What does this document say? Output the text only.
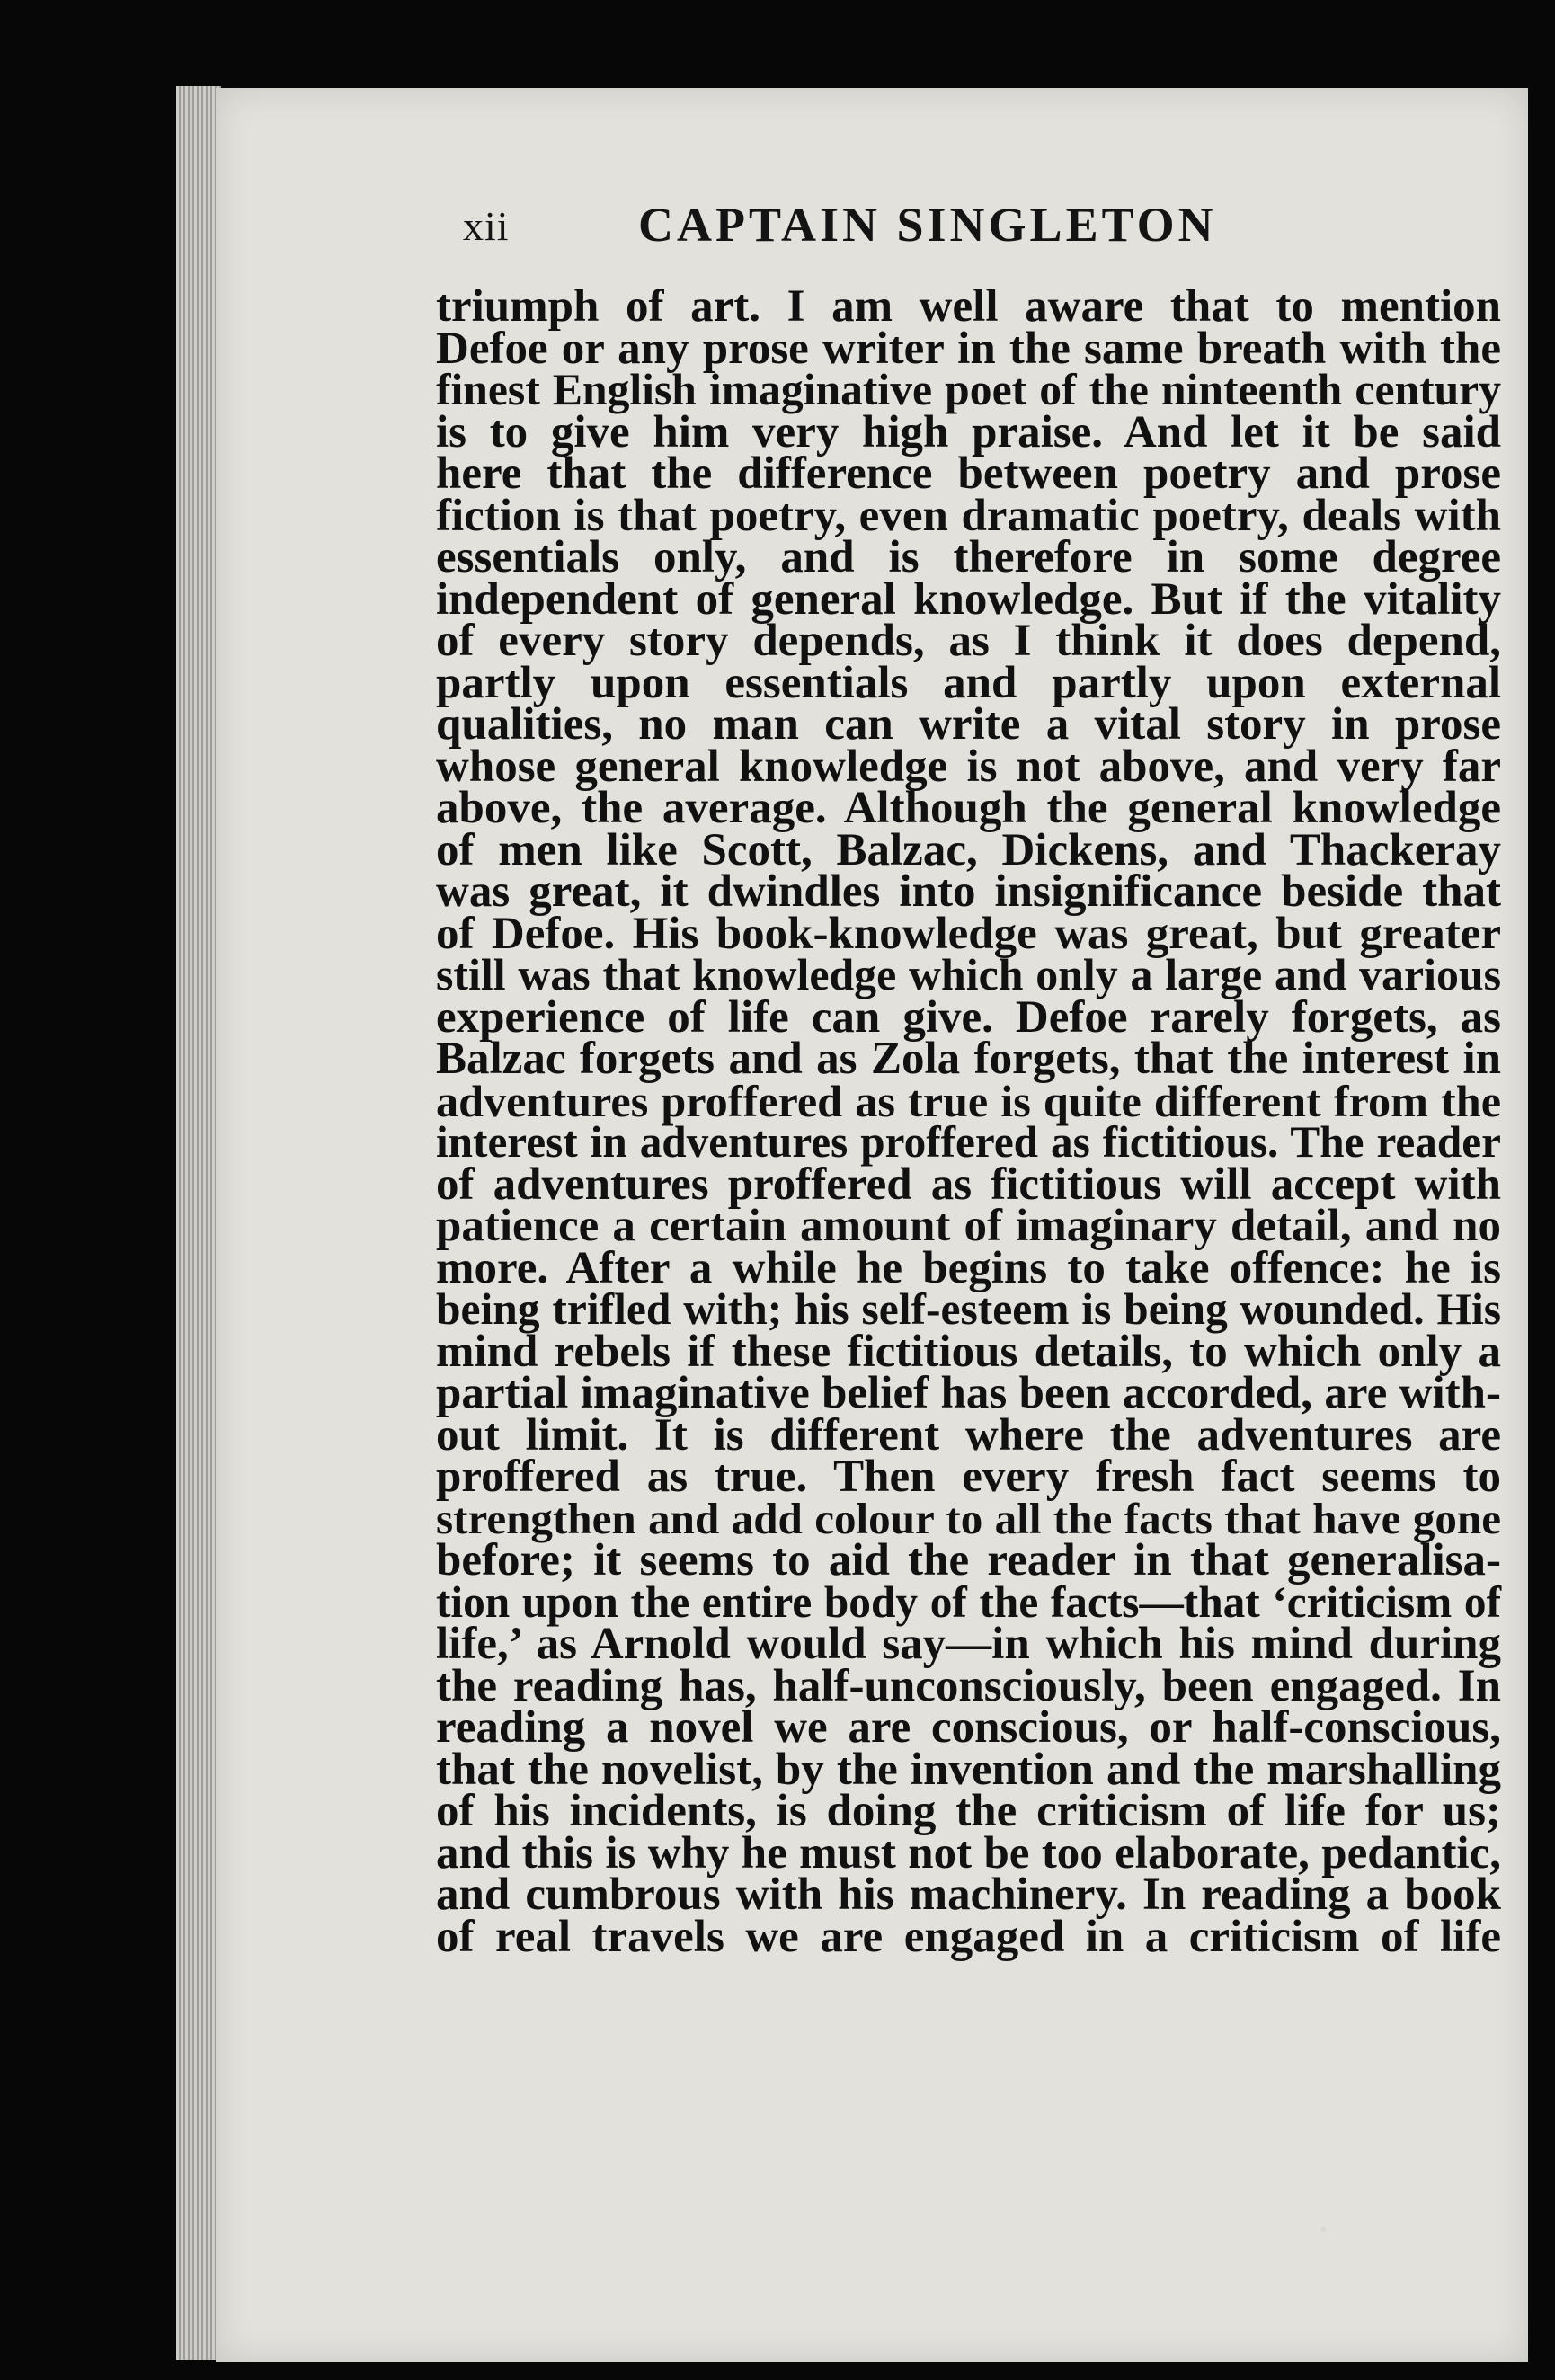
xii	CAPTAIN SINGLETON
triumph of art. I am well aware that to mention
Defoe or any prose writer in the same breath with the
finest English imaginative poet of the ninteenth century
is to give him very high praise. And let it be said
here that the difference between poetry and prose
fiction is that poetry, even dramatic poetry, deals with
essentials only, and is therefore in some degree
independent of general knowledge. But if the vitality
of every story depends, as I think it does depend,
partly upon essentials and partly upon external
qualities, no man can write a vital story in prose
whose general knowledge is not above, and very far
above, the average. Although the general knowledge
of men like Scott, Balzac, Dickens, and Thackeray
was great, it dwindles into insignificance beside that
of Defoe. His book-knowledge was great, but greater
still was that knowledge which only a large and various
experience of life can give. Defoe rarely forgets, as
Balzac forgets and as Zola forgets, that the interest in
adventures proffered as true is quite different from the
interest in adventures proffered as fictitious. The reader
of adventures proffered as fictitious will accept with
patience a certain amount of imaginary detail, and no
more. After a while he begins to take offence: he is
being trifled with; his self-esteem is being wounded. His
mind rebels if these fictitious details, to which only a
partial imaginative belief has been accorded, are with-
out limit. It is different where the adventures are
proffered as true. Then every fresh fact seems to
strengthen and add colour to all the facts that have gone
before; it seems to aid the reader in that generalisa-
tion upon the entire body of the facts—that ‘criticism of
life,’ as Arnold would say—in which his mind during
the reading has, half-unconsciously, been engaged. In
reading a novel we are conscious, or half-conscious,
that the novelist, by the invention and the marshalling
of his incidents, is doing the criticism of life for us;
and this is why he must not be too elaborate, pedantic,
and cumbrous with his machinery. In reading a book
of real travels we are engaged in a criticism of life
